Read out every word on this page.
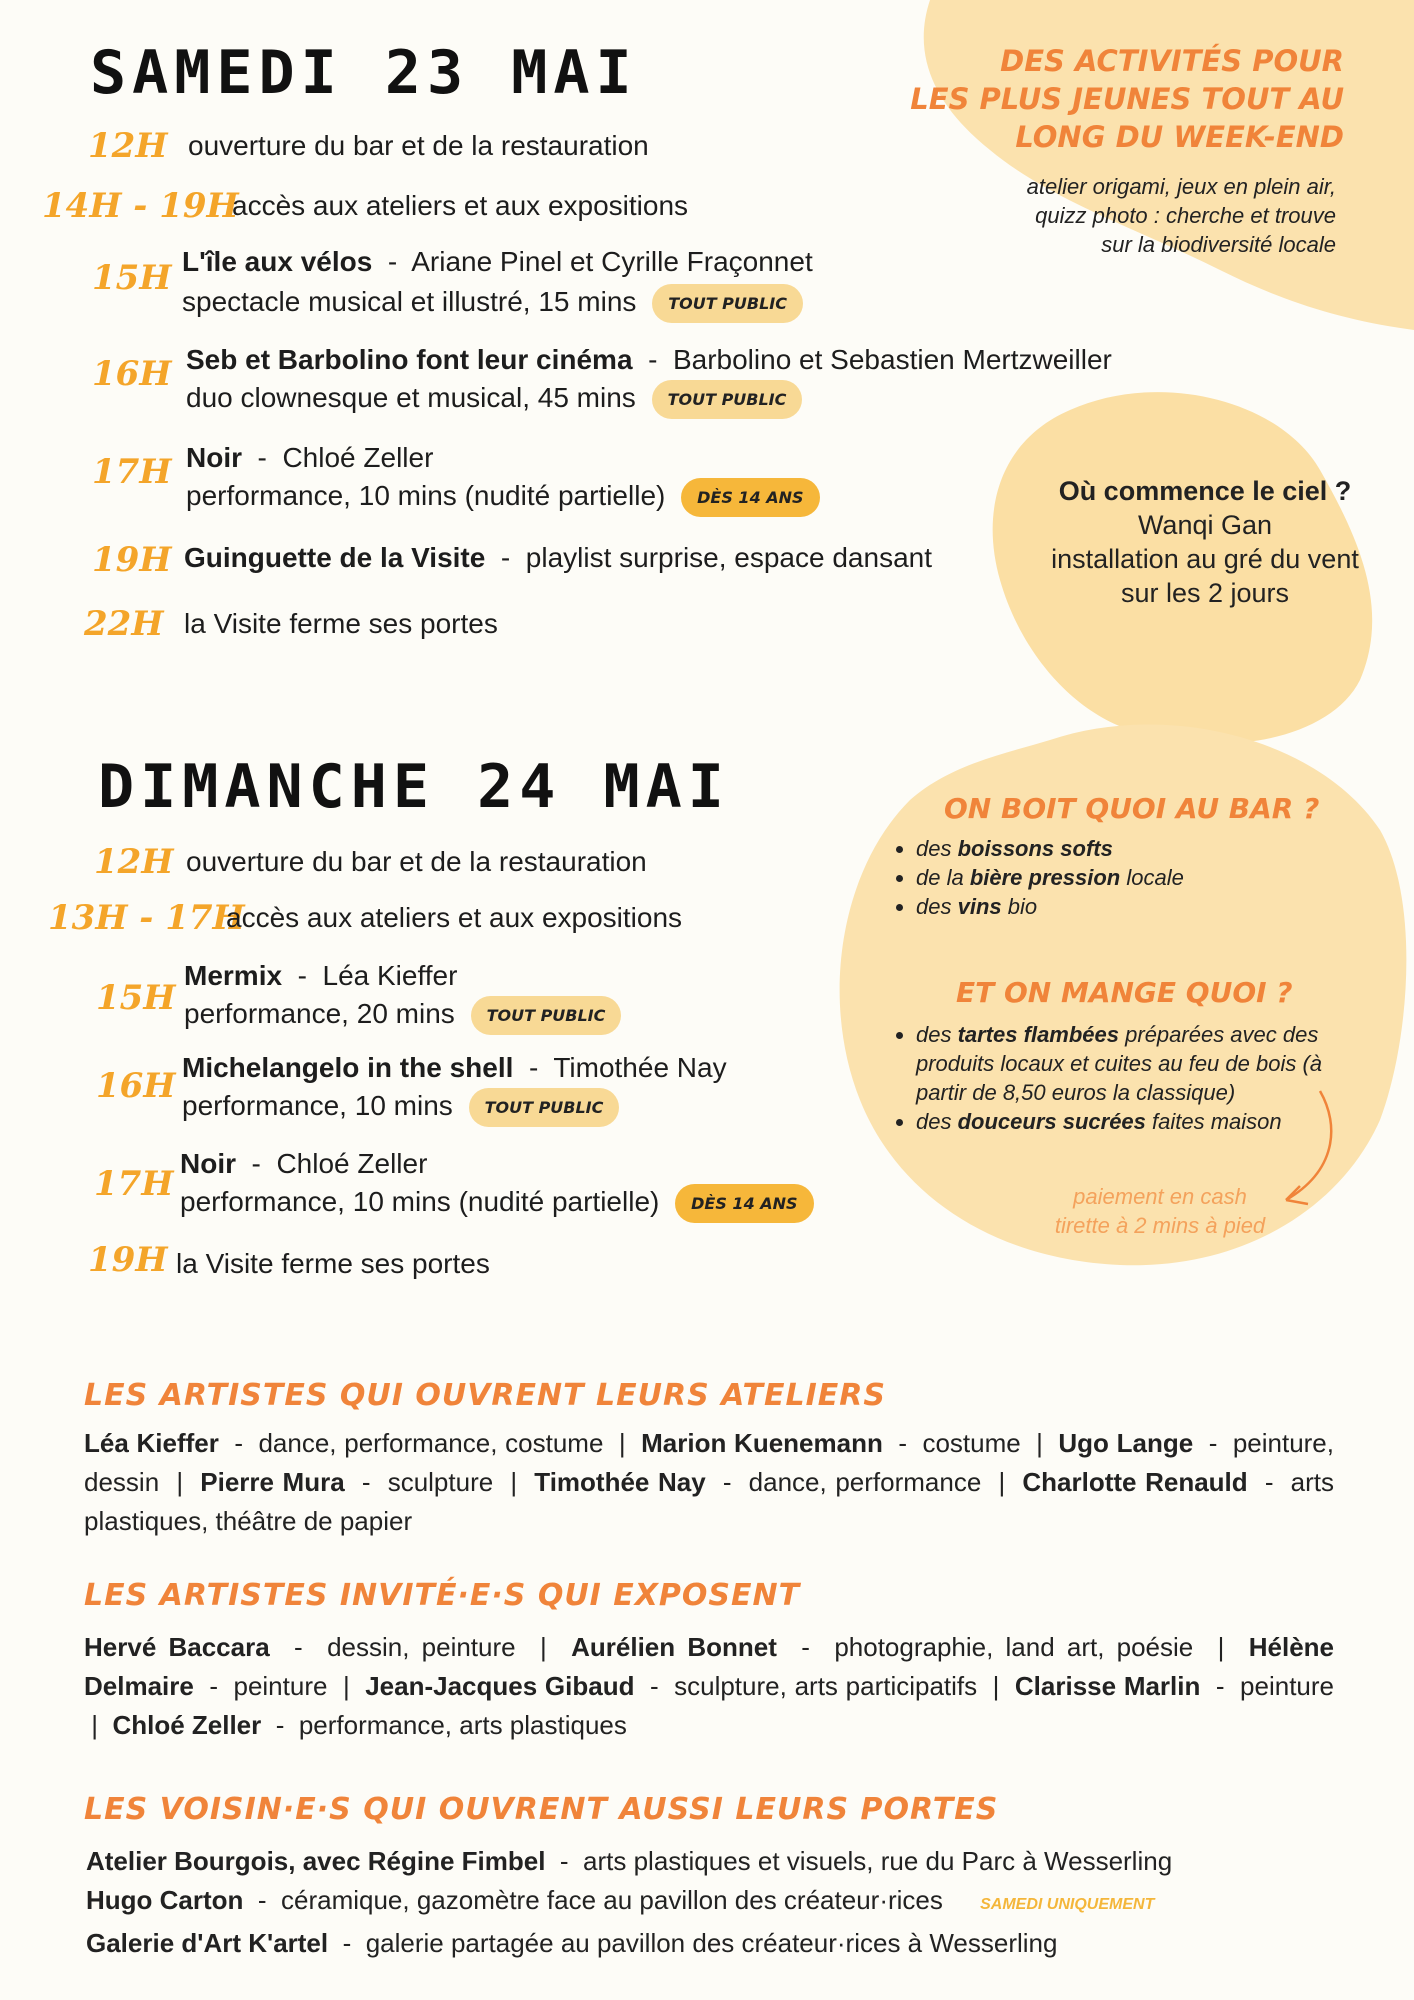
SAMEDI 23 MAI
12H ouverture du bar et de la restauration
14H - 19H
accès aux ateliers et aux expositions
15H L'île aux vélos  -  Ariane Pinel et Cyrille Fraçonnet
spectacle musical et illustré, 15 mins TOUT PUBLIC
16H Seb et Barbolino font leur cinéma  -  Barbolino et Sebastien Mertzweiller
duo clownesque et musical, 45 mins TOUT PUBLIC
17H Noir  -  Chloé Zeller
performance, 10 mins (nudité partielle) DÈS 14 ANS
19H Guinguette de la Visite  -  playlist surprise, espace dansant
22H la Visite ferme ses portes
DES ACTIVITÉS POUR
LES PLUS JEUNES TOUT AU
LONG DU WEEK-END
atelier origami, jeux en plein air,
quizz photo : cherche et trouve
sur la biodiversité locale
Où commence le ciel ?
Wanqi Gan
installation au gré du vent
sur les 2 jours
DIMANCHE 24 MAI
12H ouverture du bar et de la restauration
13H - 17H
accès aux ateliers et aux expositions
15H
Mermix  -  Léa Kieffer
performance, 20 mins TOUT PUBLIC
16H Michelangelo in the shell  -  Timothée Nay
performance, 10 mins TOUT PUBLIC
17H
Noir  -  Chloé Zeller
performance, 10 mins (nudité partielle) DÈS 14 ANS
19H la Visite ferme ses portes
ON BOIT QUOI AU BAR ?
• des boissons softs
• de la bière pression locale
• des vins bio
ET ON MANGE QUOI ?
• des tartes flambées préparées avec des produits locaux et cuites au feu de bois (à partir de 8,50 euros la classique)
• des douceurs sucrées faites maison
paiement en cash
tirette à 2 mins à pied
LES ARTISTES QUI OUVRENT LEURS ATELIERS
Léa Kieffer  -  dance, performance, costume  |  Marion Kuenemann  -  costume  |  Ugo Lange  -  peinture, dessin  |  Pierre Mura  -  sculpture  |  Timothée Nay  -  dance, performance  |  Charlotte Renauld  -  arts plastiques, théâtre de papier
LES ARTISTES INVITÉ·E·S QUI EXPOSENT
Hervé Baccara  -  dessin, peinture  |  Aurélien Bonnet  -  photographie, land art, poésie  |  Hélène Delmaire  -  peinture  |  Jean-Jacques Gibaud  -  sculpture, arts participatifs  |  Clarisse Marlin  -  peinture  |  Chloé Zeller  -  performance, arts plastiques
LES VOISIN·E·S QUI OUVRENT AUSSI LEURS PORTES
Atelier Bourgois, avec Régine Fimbel  -  arts plastiques et visuels, rue du Parc à Wesserling
Hugo Carton  -  céramique, gazomètre face au pavillon des créateur·rices SAMEDI UNIQUEMENT
Galerie d'Art K'artel  -  galerie partagée au pavillon des créateur·rices à Wesserling
